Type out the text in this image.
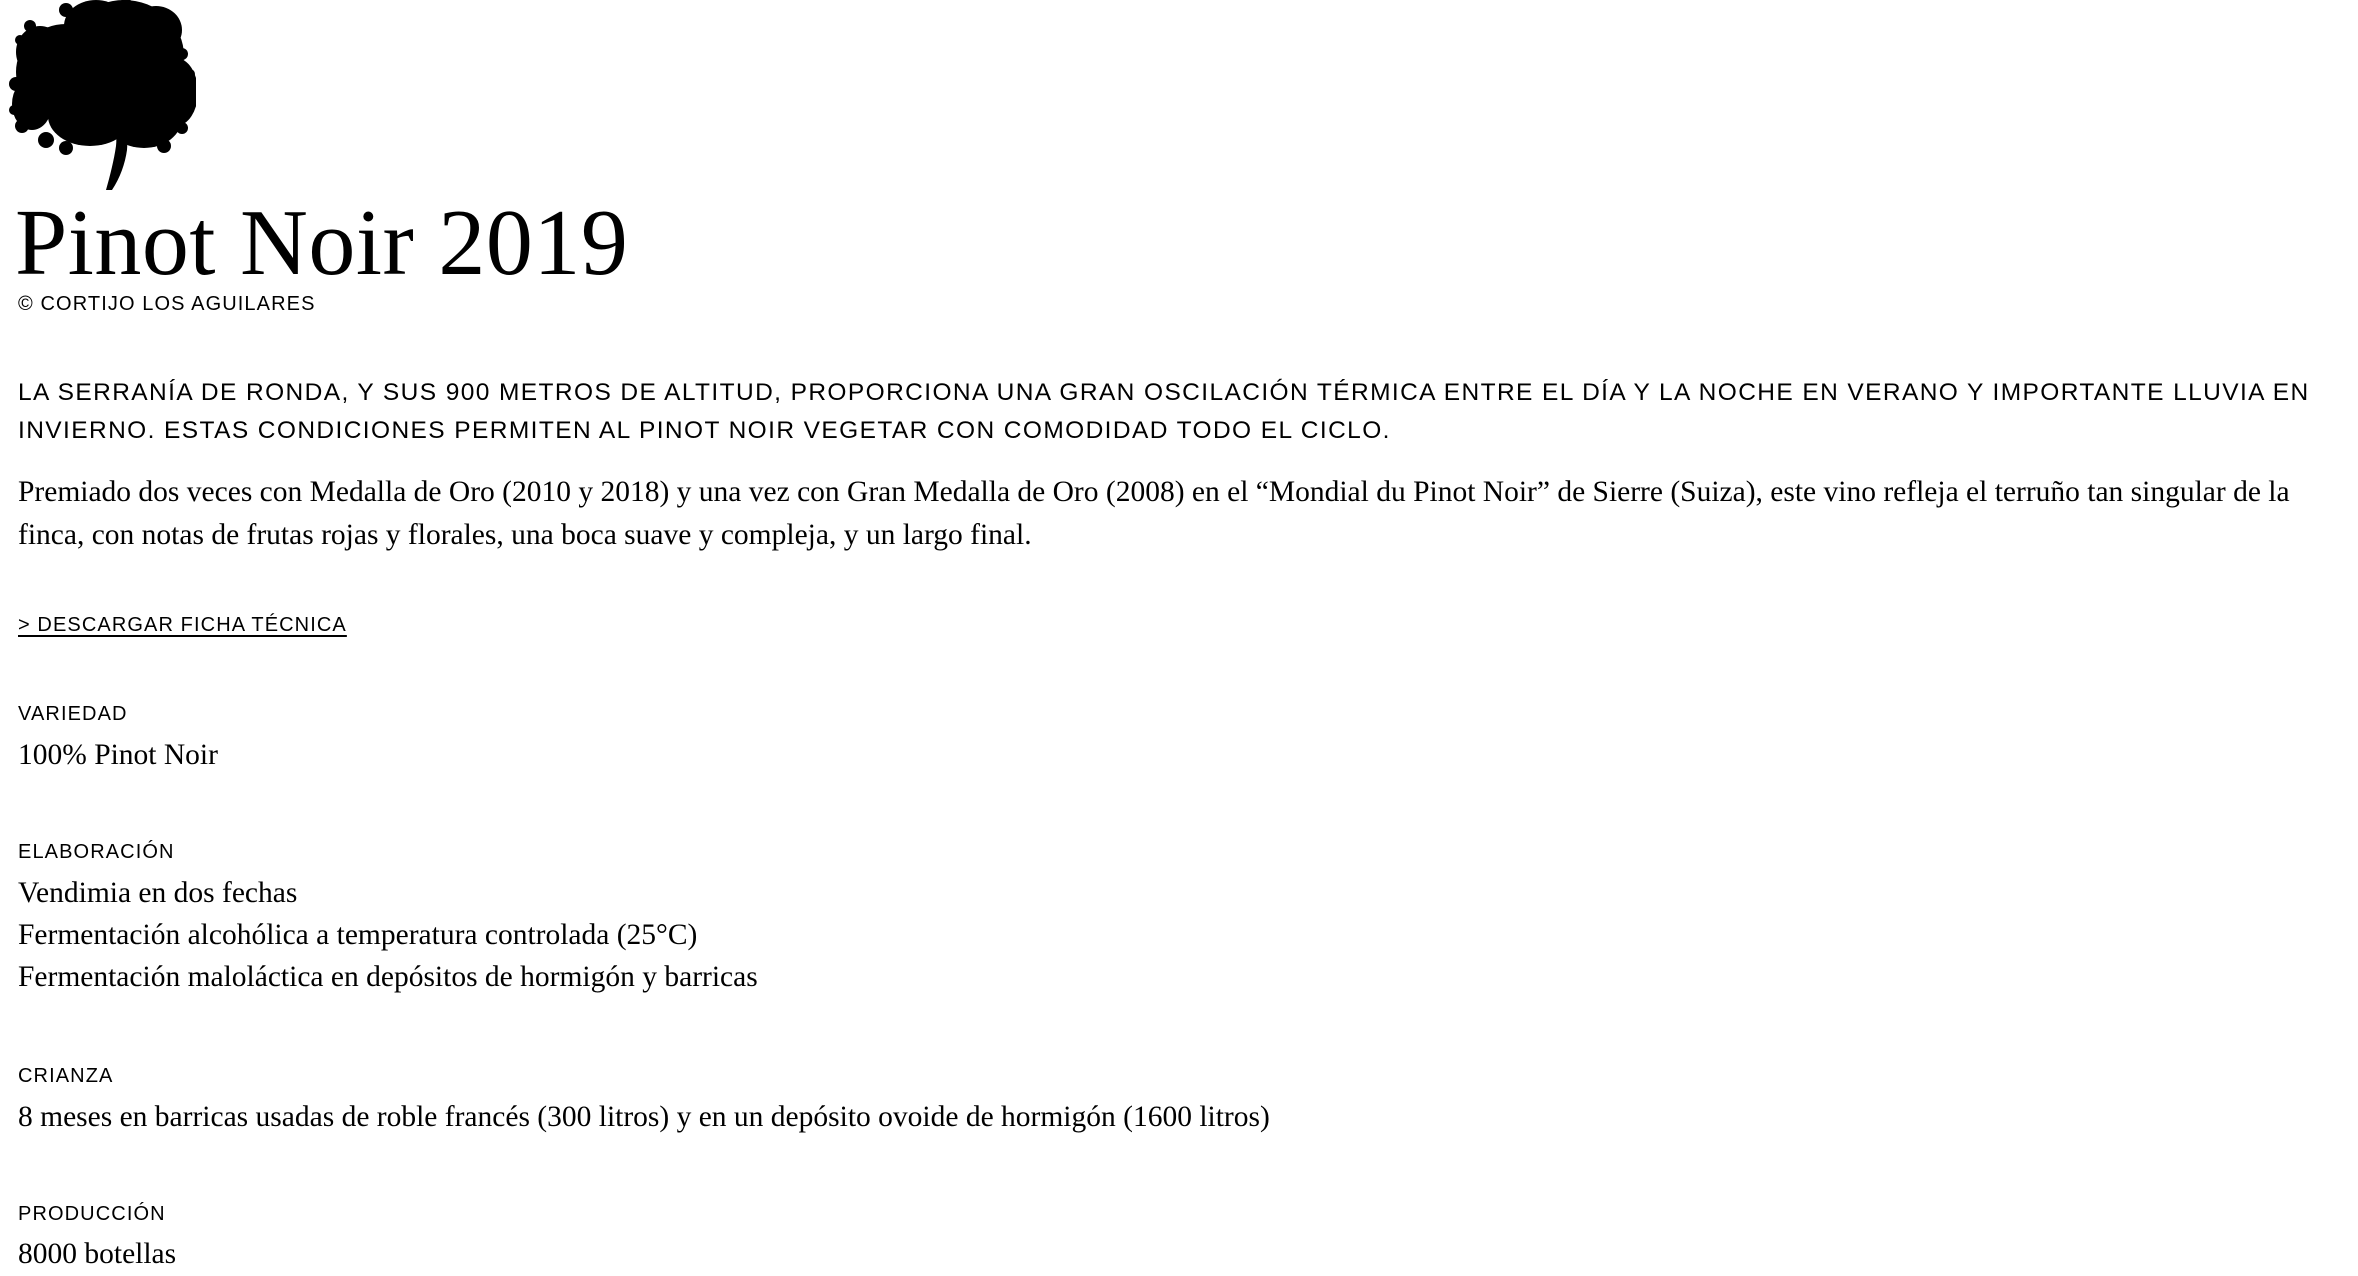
Pinot Noir 2019
© CORTIJO LOS AGUILARES

LA SERRANÍA DE RONDA, Y SUS 900 METROS DE ALTITUD, PROPORCIONA UNA GRAN OSCILACIÓN TÉRMICA ENTRE EL DÍA Y LA NOCHE EN VERANO Y IMPORTANTE LLUVIA EN INVIERNO. ESTAS CONDICIONES PERMITEN AL PINOT NOIR VEGETAR CON COMODIDAD TODO EL CICLO.

Premiado dos veces con Medalla de Oro (2010 y 2018) y una vez con Gran Medalla de Oro (2008) en el “Mondial du Pinot Noir” de Sierre (Suiza), este vino refleja el terruño tan singular de la finca, con notas de frutas rojas y florales, una boca suave y compleja, y un largo final.

> DESCARGAR FICHA TÉCNICA
VARIEDAD
100% Pinot Noir
ELABORACIÓN
Vendimia en dos fechas
Fermentación alcohólica a temperatura controlada (25°C)
Fermentación maloláctica en depósitos de hormigón y barricas
CRIANZA
8 meses en barricas usadas de roble francés (300 litros) y en un depósito ovoide de hormigón (1600 litros)
PRODUCCIÓN
8000 botellas
